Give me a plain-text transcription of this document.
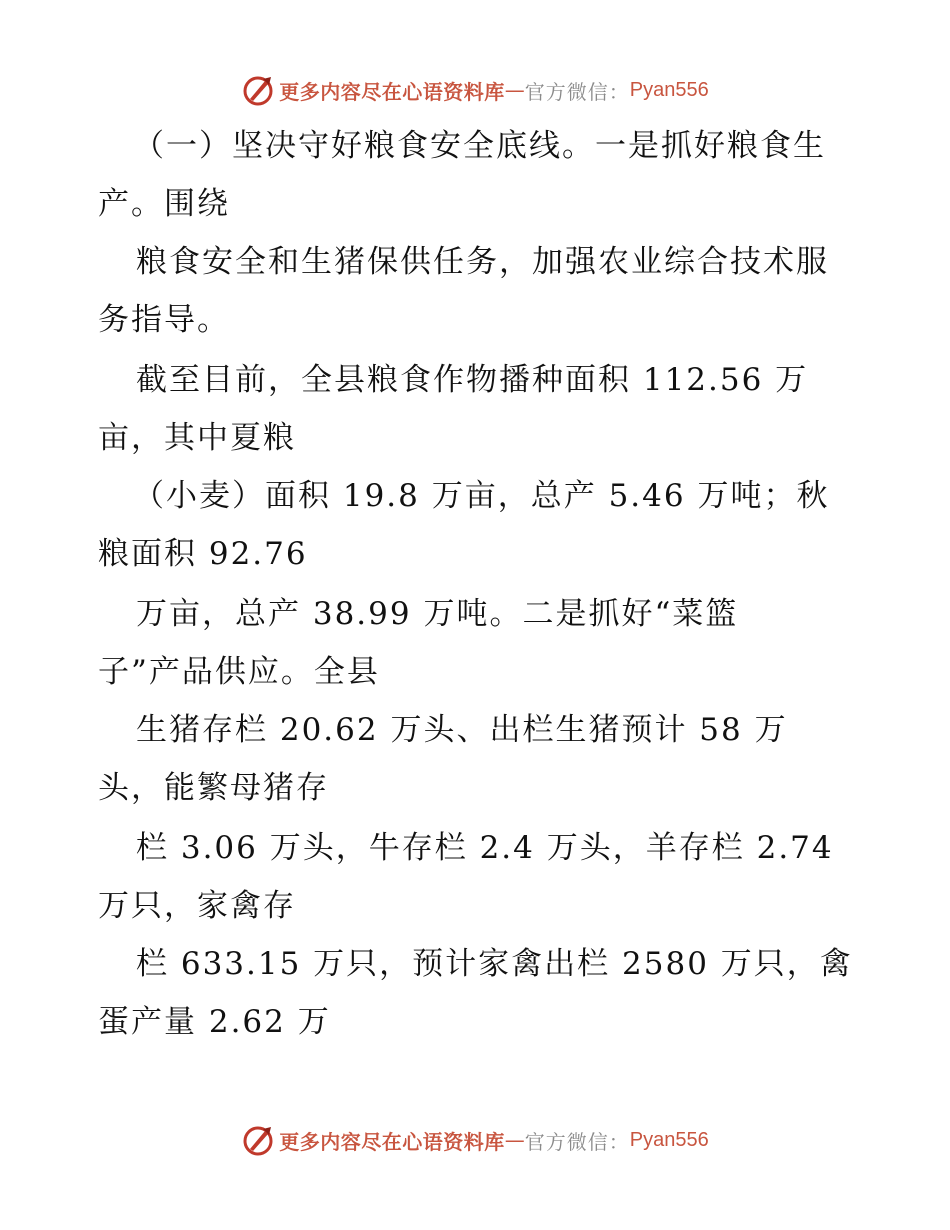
更多内容尽在心语资料库 — 官方微信： Pyan556
（一）坚决守好粮食安全底线。一是抓好粮食生
产。围绕
粮食安全和生猪保供任务，加强农业综合技术服
务指导。
截至目前，全县粮食作物播种面积 112.56 万
亩，其中夏粮
（小麦）面积 19.8 万亩，总产 5.46 万吨；秋
粮面积 92.76
万亩，总产 38.99 万吨。二是抓好“菜篮
子”产品供应。全县
生猪存栏 20.62 万头、出栏生猪预计 58 万
头，能繁母猪存
栏 3.06 万头，牛存栏 2.4 万头，羊存栏 2.74
万只，家禽存
栏 633.15 万只，预计家禽出栏 2580 万只，禽
蛋产量 2.62 万
更多内容尽在心语资料库 — 官方微信： Pyan556
